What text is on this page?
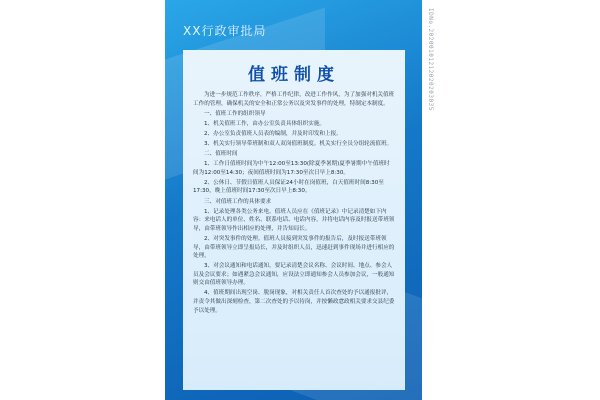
XX行政审批局
值班制度

为进一步规范工作秩序，严格工作纪律，改进工作作风，为了加强对机关值班工作的管理，确保机关的安全和正常公务以及突发事件的处理，特制定本制度。

一、值班工作的组织领导

1、机关值班工作，由办公室负责具体组织实施。

2、办公室负责值班人员表的编制，并及时印发和上报。

3、机关实行领导带班制和双人双岗值班制度。机关实行全员分组轮流值班。

二、值班时间

1、工作日值班时间为中午12:00至13:30(除夏季暑期)夏季暑期中午值班时间为12:00至14:30；夜间值班时间为17:30至次日早上8:30。

2、公休日、节假日值班人员保证24小时在岗值班，白天值班时间8:30至17:30，晚上值班时间17:30至次日早上8:30。

三、对值班工作的具体要求

1、记录处理各类公务来电。值班人员应在《值班记录》中记录清楚如下内容：来电话人的单位、姓名、联系电话、电话内容，并将电话内容及时报送带班领导，由带班领导作出相应的处理，并告知局长。

2、对突发事件的处理。值班人员接到突发事件的报告后，及时报送带班领导，由带班领导立即呈报局长，并及时组织人员，迅速赶到事件现场并进行相应的处理。

3、对会议通知和电话通知，要记录清楚会议名称、会议时间、地点、参会人员及会议要求；如遇紧急会议通知，应设法立即通知参会人员参加会议，一般通知则交由值班领导办理。

4、值班期间出现空岗、脱岗现象，对相关责任人首次查处的予以通报批评，并责令其做出深刻检查，第二次查处的予以待岗，并按懒政怠政相关要求交县纪委予以处理。

IDNo.20200101212020203035
